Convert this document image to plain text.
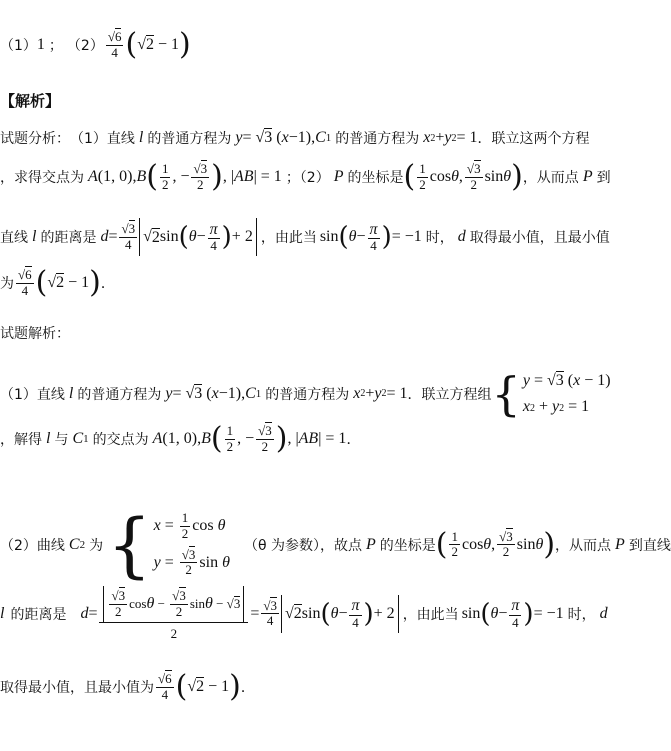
（1） 1 ； $(2) \frac{√6}{4}$ ( √2 − 1 )
【解析】
试题分析： （1）直线 l 的普通方程为 y = √3 ( x −1), C 1 的普通方程为 x 2 + y 2 = 1 ．联立这两个方程
，求得交点为 A (1, 0), B ( $\frac{1}{2}$ , − $\frac{√3}{2}$ ) , | AB | = 1 ；（2） P 的坐标是 ( $\frac{1}{2}$ cos θ , $\frac{√3}{2}$ sin θ ) ，从而点 P 到
直线 l 的距离是 $d = \frac{√3}{4}$ √ 2 sin ( $\theta - \frac{\pi}{4}$ ) + 2 ，由此当 sin ( $\theta - \frac{\pi}{4}$ ) = −1 时， d 取得最小值，且最小值
为 $\frac{√6}{4}$ ( √2 − 1 ) ．
试题解析：
（1）直线 l 的普通方程为 y = √3 ( x −1), C 1 的普通方程为 x 2 + y 2 = 1 ．联立方程组 { y = √3 (x − 1)
x2 + y2 = 1
，解得 l 与 C 1 的交点为 A (1, 0), B ( $\frac{1}{2}$ , − $\frac{√3}{2}$ ) , | AB | = 1 ．
（2）曲线 C 2 为 { $x = \frac{1}{2}$ cos θ
$y = \frac{√3}{2}$ sin θ
（θ 为参数），故点 P 的坐标是 ( $\frac{1}{2}$ cos θ , $\frac{√3}{2}$ sin θ ) ，从而点 P 到直线
l 的距离是 $d = \frac{\frac{√3}{2} \cos \theta - \frac{√3}{2} \sin \theta - √ 3}{2} = \frac{√3}{4}$ √ 2 sin ( $\theta - \frac{\pi}{4}$ ) + 2 ，由此当 sin ( $\theta - \frac{\pi}{4}$ ) = −1 时， d
取得最小值，且最小值为 $\frac{√6}{4}$ ( √2 − 1 ) ．
